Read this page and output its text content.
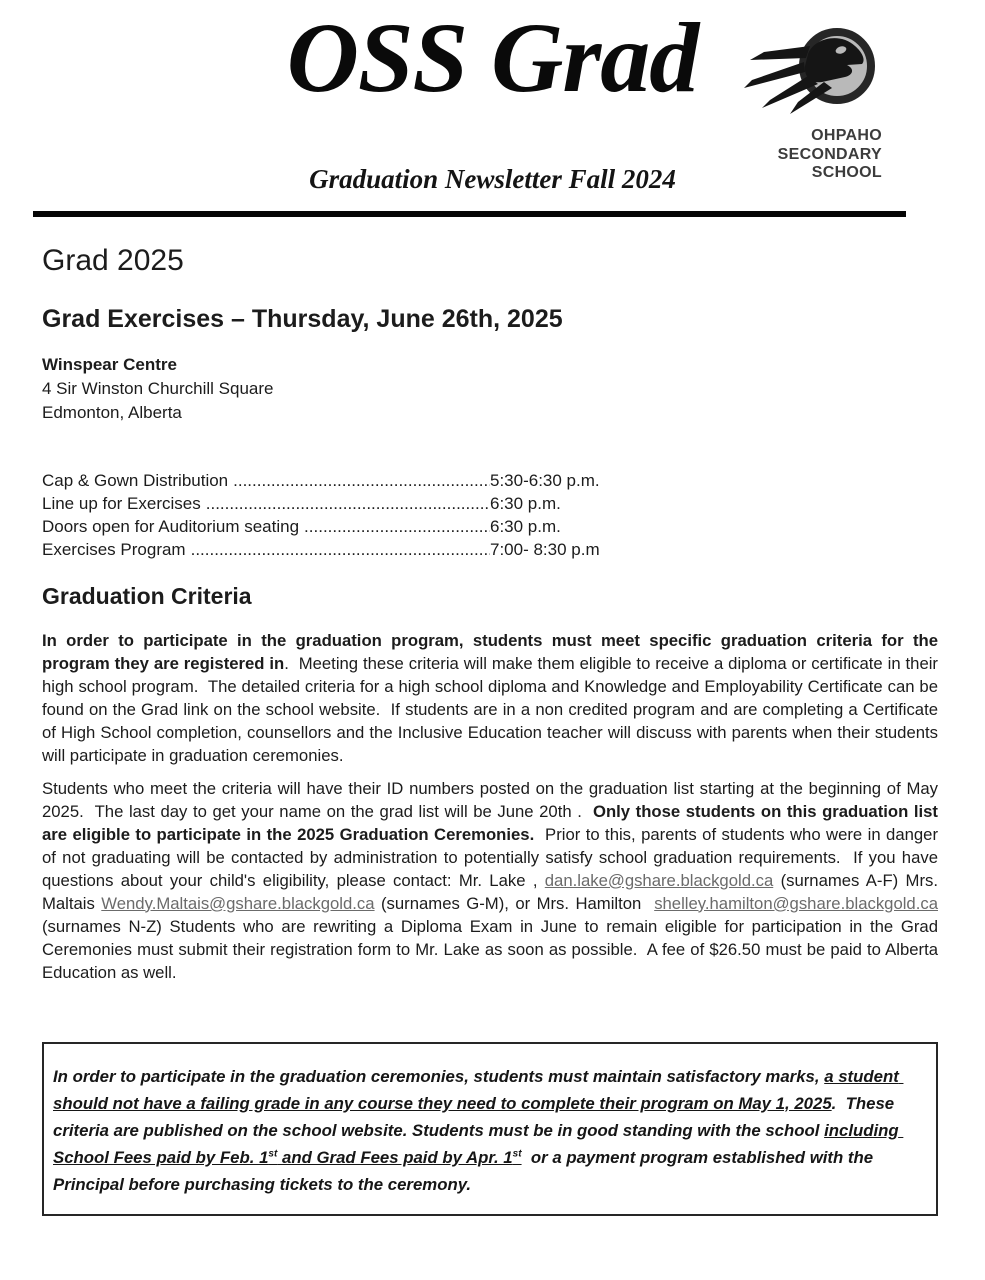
OSS Grad
Graduation Newsletter Fall 2024
OHPAHO
SECONDARY
SCHOOL
Grad 2025
Grad Exercises – Thursday, June 26th, 2025
Winspear Centre
4 Sir Winston Churchill Square
Edmonton, Alberta
Cap & Gown Distribution .....	5:30-6:30 p.m.
Line up for Exercises .....	6:30 p.m.
Doors open for Auditorium seating .....	6:30 p.m.
Exercises Program .....	7:00- 8:30 p.m
Graduation Criteria

In order to participate in the graduation program, students must meet specific graduation criteria for the program they are registered in.  Meeting these criteria will make them eligible to receive a diploma or certificate in their high school program.  The detailed criteria for a high school diploma and Knowledge and Employability Certificate can be found on the Grad link on the school website.  If students are in a non credited program and are completing a Certificate of High School completion, counsellors and the Inclusive Education teacher will discuss with parents when their students will participate in graduation ceremonies.

Students who meet the criteria will have their ID numbers posted on the graduation list starting at the beginning of May 2025.  The last day to get your name on the grad list will be June 20th .  Only those students on this graduation list are eligible to participate in the 2025 Graduation Ceremonies.  Prior to this, parents of students who were in danger of not graduating will be contacted by administration to potentially satisfy school graduation requirements.  If you have questions about your child's eligibility, please contact: Mr. Lake , dan.lake@gshare.blackgold.ca (surnames A-F) Mrs. Maltais Wendy.Maltais@gshare.blackgold.ca (surnames G-M), or Mrs. Hamilton  shelley.hamilton@gshare.blackgold.ca  (surnames N-Z) Students who are rewriting a Diploma Exam in June to remain eligible for participation in the Grad Ceremonies must submit their registration form to Mr. Lake as soon as possible.  A fee of $26.50 must be paid to Alberta Education as well.

In order to participate in the graduation ceremonies, students must maintain satisfactory marks, a student should not have a failing grade in any course they need to complete their program on May 1, 2025.  These criteria are published on the school website. Students must be in good standing with the school including School Fees paid by Feb. 1st and Grad Fees paid by Apr. 1st  or a payment program established with the Principal before purchasing tickets to the ceremony.
